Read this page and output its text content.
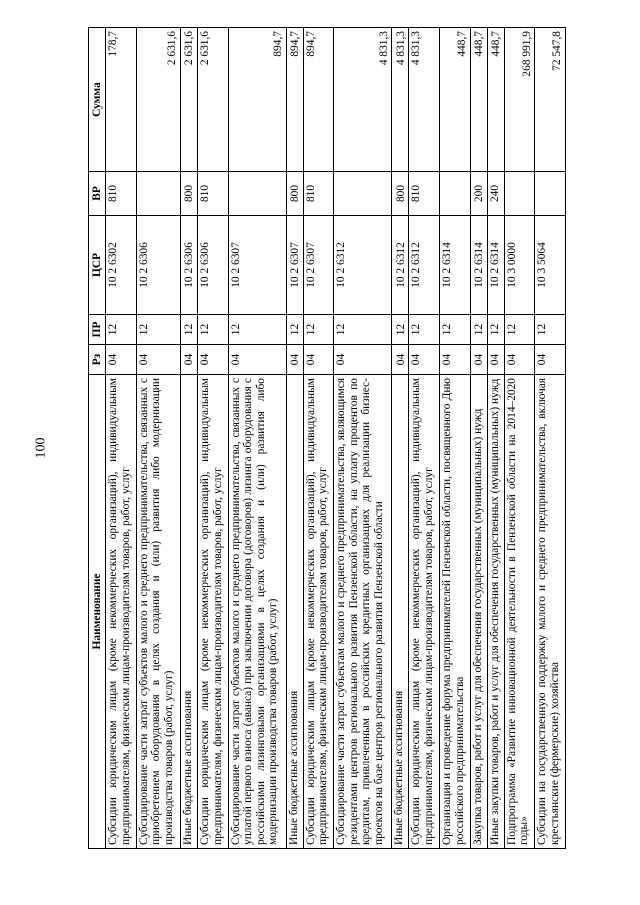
100
Наименование	Рз	ПР	ЦСР	ВР	Сумма
Субсидии юридическим лицам (кроме некоммерческих организаций), индивидуальным предпринимателям, физическим лицам-производителям товаров, работ, услуг	04	12	10 2 6302	810	178,7
Субсидирование части затрат субъектов малого и среднего предпринимательства, связанных с приобретением оборудования в целях создания и (или) развития либо модернизации производства товаров (работ, услуг)	04	12	10 2 6306		2 631,6
Иные бюджетные ассигнования	04	12	10 2 6306	800	2 631,6
Субсидии юридическим лицам (кроме некоммерческих организаций), индивидуальным предпринимателям, физическим лицам-производителям товаров, работ, услуг	04	12	10 2 6306	810	2 631,6
Субсидирование части затрат субъектов малого и среднего предпринимательства, связанных с уплатой первого взноса (аванса) при заключении договора (договоров) лизинга оборудования с российскими лизинговыми организациями в целях создания и (или) развития либо модернизации производства товаров (работ, услуг)	04	12	10 2 6307		894,7
Иные бюджетные ассигнования	04	12	10 2 6307	800	894,7
Субсидии юридическим лицам (кроме некоммерческих организаций), индивидуальным предпринимателям, физическим лицам-производителям товаров, работ, услуг	04	12	10 2 6307	810	894,7
Субсидирование части затрат субъектам малого и среднего предпринимательства, являющимся резидентами центров регионального развития Пензенской области, на уплату процентов по кредитам, привлеченным в российских кредитных организациях для реализации бизнес-проектов на базе центров регионального развития Пензенской области	04	12	10 2 6312		4 831,3
Иные бюджетные ассигнования	04	12	10 2 6312	800	4 831,3
Субсидии юридическим лицам (кроме некоммерческих организаций), индивидуальным предпринимателям, физическим лицам-производителям товаров, работ, услуг	04	12	10 2 6312	810	4 831,3
Организация и проведение форума предпринимателей Пензенской области, посвященного Дню российского предпринимательства	04	12	10 2 6314		448,7
Закупка товаров, работ и услуг для обеспечения государственных (муниципальных) нужд	04	12	10 2 6314	200	448,7
Иные закупки товаров, работ и услуг для обеспечения государственных (муниципальных) нужд	04	12	10 2 6314	240	448,7
Подпрограмма «Развитие инновационной деятельности в Пензенской области на 2014–2020 годы»	04	12	10 3 0000		268 991,9
Субсидии на государственную поддержку малого и среднего предпринимательства, включая крестьянские (фермерские) хозяйства	04	12	10 3 5064		72 547,8
